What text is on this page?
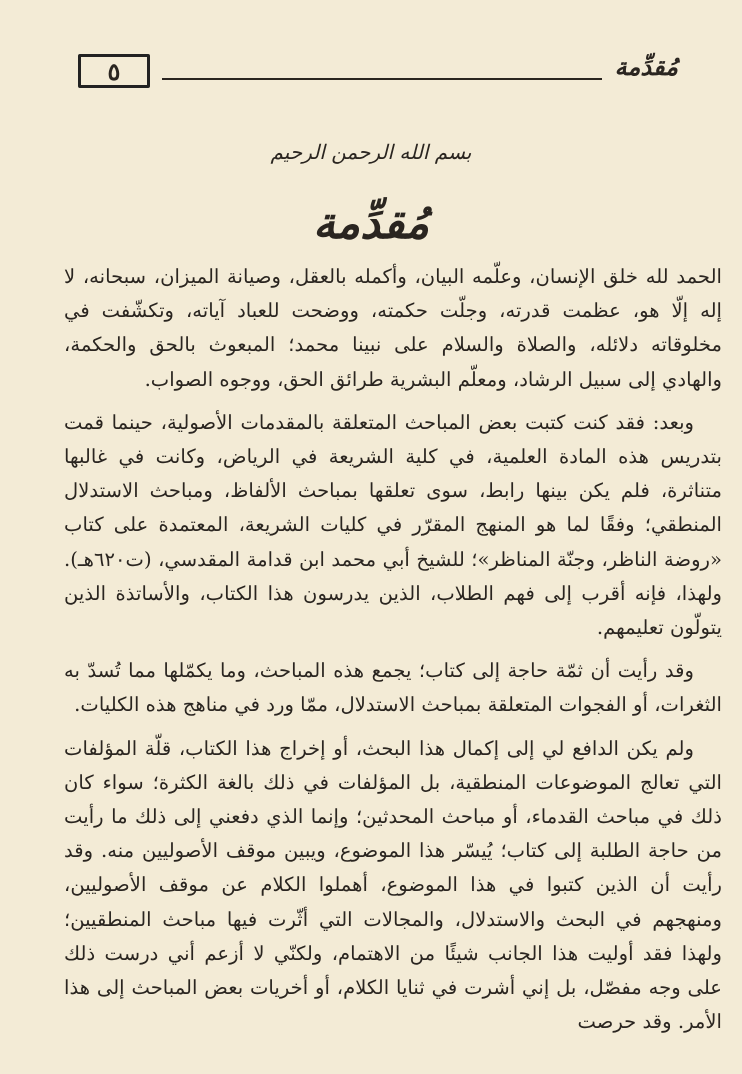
٥	مُقدِّمة
بسم الله الرحمن الرحيم
مُقدِّمة

الحمد لله خلق الإنسان، وعلّمه البيان، وأكمله بالعقل، وصيانة الميزان، سبحانه، لا إله إلّا هو، عظمت قدرته، وجلّت حكمته، ووضحت للعباد آياته، وتكشّفت في مخلوقاته دلائله، والصلاة والسلام على نبينا محمد؛ المبعوث بالحق والحكمة، والهادي إلى سبيل الرشاد، ومعلّم البشرية طرائق الحق، ووجوه الصواب.

وبعد: فقد كنت كتبت بعض المباحث المتعلقة بالمقدمات الأصولية، حينما قمت بتدريس هذه المادة العلمية، في كلية الشريعة في الرياض، وكانت في غالبها متناثرة، فلم يكن بينها رابط، سوى تعلقها بمباحث الألفاظ، ومباحث الاستدلال المنطقي؛ وفقًا لما هو المنهج المقرّر في كليات الشريعة، المعتمدة على كتاب «روضة الناظر، وجنّة المناظر»؛ للشيخ أبي محمد ابن قدامة المقدسي، (ت٦٢٠هـ). ولهذا، فإنه أقرب إلى فهم الطلاب، الذين يدرسون هذا الكتاب، والأساتذة الذين يتولّون تعليمهم.

وقد رأيت أن ثمّة حاجة إلى كتاب؛ يجمع هذه المباحث، وما يكمّلها مما تُسدّ به الثغرات، أو الفجوات المتعلقة بمباحث الاستدلال، ممّا ورد في مناهج هذه الكليات.

ولم يكن الدافع لي إلى إكمال هذا البحث، أو إخراج هذا الكتاب، قلّة المؤلفات التي تعالج الموضوعات المنطقية، بل المؤلفات في ذلك بالغة الكثرة؛ سواء كان ذلك في مباحث القدماء، أو مباحث المحدثين؛ وإنما الذي دفعني إلى ذلك ما رأيت من حاجة الطلبة إلى كتاب؛ يُيسّر هذا الموضوع، ويبين موقف الأصوليين منه. وقد رأيت أن الذين كتبوا في هذا الموضوع، أهملوا الكلام عن موقف الأصوليين، ومنهجهم في البحث والاستدلال، والمجالات التي أثّرت فيها مباحث المنطقيين؛ ولهذا فقد أوليت هذا الجانب شيئًا من الاهتمام، ولكنّي لا أزعم أني درست ذلك على وجه مفصّل، بل إني أشرت في ثنايا الكلام، أو أخريات بعض المباحث إلى هذا الأمر. وقد حرصت
